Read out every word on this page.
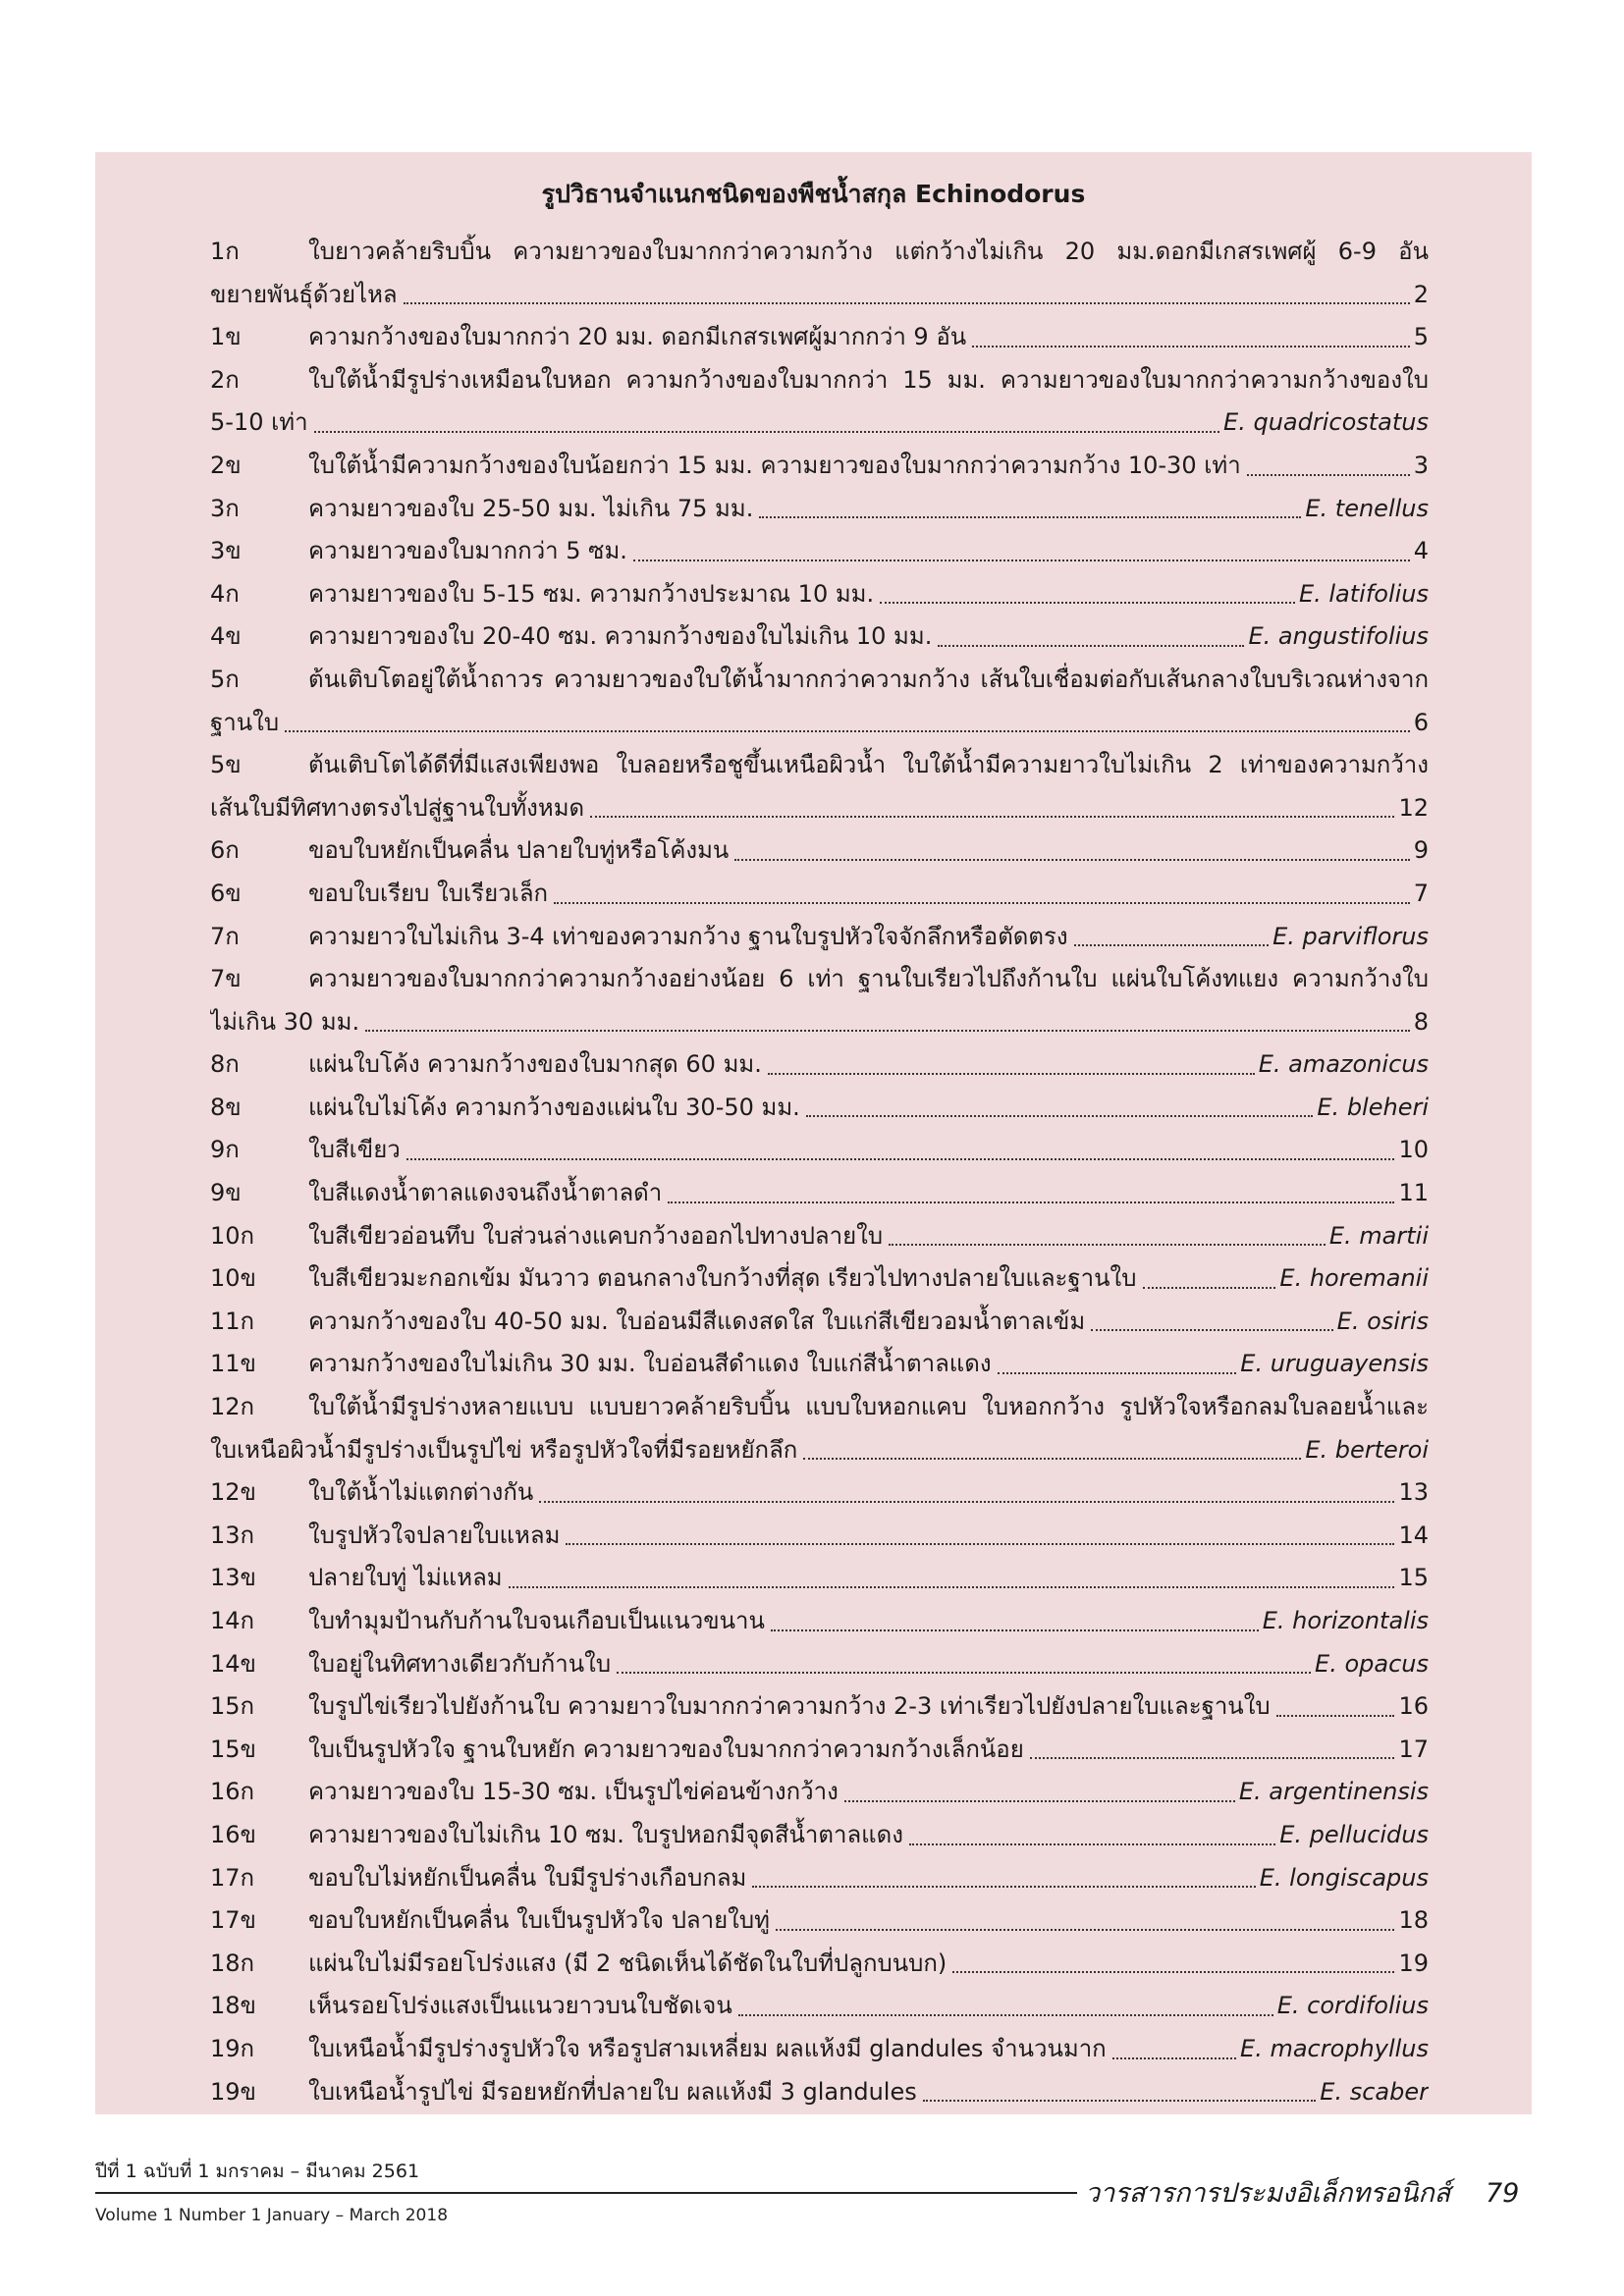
รูปวิธานจำแนกชนิดของพืชน้ำสกุล Echinodorus
1ก	ใบยาวคล้ายริบบิ้น ความยาวของใบมากกว่าความกว้าง แต่กว้างไม่เกิน 20 มม.ดอกมีเกสรเพศผู้ 6-9 อัน
ขยายพันธุ์ด้วยไหล	2
1ข	ความกว้างของใบมากกว่า 20 มม. ดอกมีเกสรเพศผู้มากกว่า 9 อัน	5
2ก	ใบใต้น้ำมีรูปร่างเหมือนใบหอก ความกว้างของใบมากกว่า 15 มม. ความยาวของใบมากกว่าความกว้างของใบ
5-10 เท่า	E. quadricostatus
2ข	ใบใต้น้ำมีความกว้างของใบน้อยกว่า 15 มม. ความยาวของใบมากกว่าความกว้าง 10-30 เท่า	3
3ก	ความยาวของใบ 25-50 มม. ไม่เกิน 75 มม.	E. tenellus
3ข	ความยาวของใบมากกว่า 5 ซม.	4
4ก	ความยาวของใบ 5-15 ซม. ความกว้างประมาณ 10 มม.	E. latifolius
4ข	ความยาวของใบ 20-40 ซม. ความกว้างของใบไม่เกิน 10 มม.	E. angustifolius
5ก	ต้นเติบโตอยู่ใต้น้ำถาวร ความยาวของใบใต้น้ำมากกว่าความกว้าง เส้นใบเชื่อมต่อกับเส้นกลางใบบริเวณห่างจาก
ฐานใบ	6
5ข	ต้นเติบโตได้ดีที่มีแสงเพียงพอ ใบลอยหรือชูขึ้นเหนือผิวน้ำ ใบใต้น้ำมีความยาวใบไม่เกิน 2 เท่าของความกว้าง
เส้นใบมีทิศทางตรงไปสู่ฐานใบทั้งหมด	12
6ก	ขอบใบหยักเป็นคลื่น ปลายใบทู่หรือโค้งมน	9
6ข	ขอบใบเรียบ ใบเรียวเล็ก	7
7ก	ความยาวใบไม่เกิน 3-4 เท่าของความกว้าง ฐานใบรูปหัวใจจักลึกหรือตัดตรง	E. parviflorus
7ข	ความยาวของใบมากกว่าความกว้างอย่างน้อย 6 เท่า ฐานใบเรียวไปถึงก้านใบ แผ่นใบโค้งทแยง ความกว้างใบ
ไม่เกิน 30 มม.	8
8ก	แผ่นใบโค้ง ความกว้างของใบมากสุด 60 มม.	E. amazonicus
8ข	แผ่นใบไม่โค้ง ความกว้างของแผ่นใบ 30-50 มม.	E. bleheri
9ก	ใบสีเขียว	10
9ข	ใบสีแดงน้ำตาลแดงจนถึงน้ำตาลดำ	11
10ก ใบสีเขียวอ่อนทึบ ใบส่วนล่างแคบกว้างออกไปทางปลายใบ	E. martii
10ข ใบสีเขียวมะกอกเข้ม มันวาว ตอนกลางใบกว้างที่สุด เรียวไปทางปลายใบและฐานใบ	E. horemanii
11ก ความกว้างของใบ 40-50 มม. ใบอ่อนมีสีแดงสดใส ใบแก่สีเขียวอมน้ำตาลเข้ม	E. osiris
11ข ความกว้างของใบไม่เกิน 30 มม. ใบอ่อนสีดำแดง ใบแก่สีน้ำตาลแดง	E. uruguayensis
12ก ใบใต้น้ำมีรูปร่างหลายแบบ แบบยาวคล้ายริบบิ้น แบบใบหอกแคบ ใบหอกกว้าง รูปหัวใจหรือกลมใบลอยน้ำและ
ใบเหนือผิวน้ำมีรูปร่างเป็นรูปไข่ หรือรูปหัวใจที่มีรอยหยักลึก	E. berteroi
12ข ใบใต้น้ำไม่แตกต่างกัน	13
13ก ใบรูปหัวใจปลายใบแหลม	14
13ข ปลายใบทู่ ไม่แหลม	15
14ก ใบทำมุมป้านกับก้านใบจนเกือบเป็นแนวขนาน	E. horizontalis
14ข ใบอยู่ในทิศทางเดียวกับก้านใบ	E. opacus
15ก ใบรูปไข่เรียวไปยังก้านใบ ความยาวใบมากกว่าความกว้าง 2-3 เท่าเรียวไปยังปลายใบและฐานใบ	16
15ข ใบเป็นรูปหัวใจ ฐานใบหยัก ความยาวของใบมากกว่าความกว้างเล็กน้อย	17
16ก ความยาวของใบ 15-30 ซม. เป็นรูปไข่ค่อนข้างกว้าง	E. argentinensis
16ข ความยาวของใบไม่เกิน 10 ซม. ใบรูปหอกมีจุดสีน้ำตาลแดง	E. pellucidus
17ก ขอบใบไม่หยักเป็นคลื่น ใบมีรูปร่างเกือบกลม	E. longiscapus
17ข ขอบใบหยักเป็นคลื่น ใบเป็นรูปหัวใจ ปลายใบทู่	18
18ก แผ่นใบไม่มีรอยโปร่งแสง (มี 2 ชนิดเห็นได้ชัดในใบที่ปลูกบนบก)	19
18ข เห็นรอยโปร่งแสงเป็นแนวยาวบนใบชัดเจน	E. cordifolius
19ก ใบเหนือน้ำมีรูปร่างรูปหัวใจ หรือรูปสามเหลี่ยม ผลแห้งมี glandules จำนวนมาก	E. macrophyllus
19ข ใบเหนือน้ำรูปไข่ มีรอยหยักที่ปลายใบ ผลแห้งมี 3 glandules	E. scaber
ปีที่ 1 ฉบับที่ 1 มกราคม – มีนาคม 2561
Volume 1 Number 1 January – March 2018
วารสารการประมงอิเล็กทรอนิกส์ 79
